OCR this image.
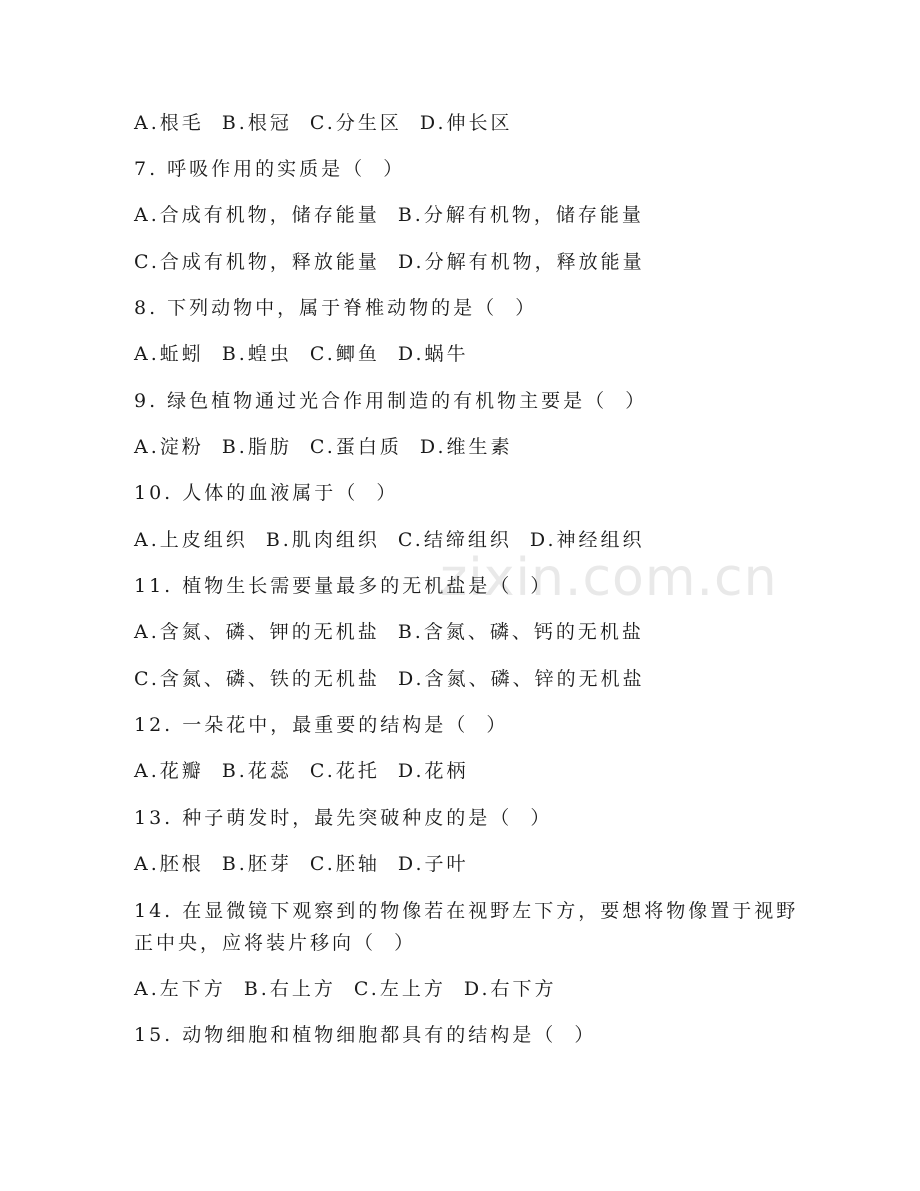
zixin.com.cn
A.根毛  B.根冠  C.分生区  D.伸长区
7. 呼吸作用的实质是（  ）
A.合成有机物，储存能量  B.分解有机物，储存能量
C.合成有机物，释放能量  D.分解有机物，释放能量
8. 下列动物中，属于脊椎动物的是（  ）
A.蚯蚓  B.蝗虫  C.鲫鱼  D.蜗牛
9. 绿色植物通过光合作用制造的有机物主要是（  ）
A.淀粉  B.脂肪  C.蛋白质  D.维生素
10. 人体的血液属于（  ）
A.上皮组织  B.肌肉组织  C.结缔组织  D.神经组织
11. 植物生长需要量最多的无机盐是（  ）
A.含氮、磷、钾的无机盐  B.含氮、磷、钙的无机盐
C.含氮、磷、铁的无机盐  D.含氮、磷、锌的无机盐
12. 一朵花中，最重要的结构是（  ）
A.花瓣  B.花蕊  C.花托  D.花柄
13. 种子萌发时，最先突破种皮的是（  ）
A.胚根  B.胚芽  C.胚轴  D.子叶
14. 在显微镜下观察到的物像若在视野左下方，要想将物像置于视野
正中央，应将装片移向（  ）
A.左下方  B.右上方  C.左上方  D.右下方
15. 动物细胞和植物细胞都具有的结构是（  ）
